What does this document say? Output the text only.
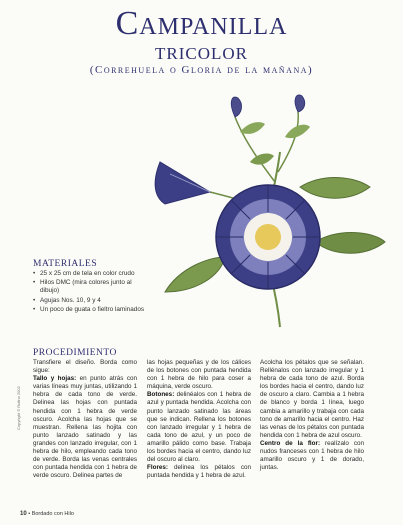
Campanilla
tricolor
(Correhuela o Gloria de la mañana)
MATERIALES
• 25 x 25 cm de tela en color crudo
• Hilos DMC (mira colores junto al dibujo)
• Agujas Nos. 10, 9 y 4
• Un poco de guata o fieltro laminados
PROCEDIMIENTO

Transfiere el diseño. Borda como sigue:

Tallo y hojas: en punto atrás con varias líneas muy juntas, utilizando 1 hebra de cada tono de verde. Delinea las hojas con puntada hendida con 1 hebra de verde oscuro. Acolcha las hojas que se muestran. Rellena las hojita con punto lanzado satinado y las grandes con lanzado irregular, con 1 hebra de hilo, empleando cada tono de verde. Borda las venas centrales con puntada hendida con 1 hebra de verde oscuro. Delinea partes de

las hojas pequeñas y de los cálices de los botones con puntada hendida con 1 hebra de hilo para coser a máquina, verde oscuro.

Botones: delinéalos con 1 hebra de azul y puntada hendida. Acolcha con punto lanzado satinado las áreas que se indican. Rellena los botones con lanzado irregular y 1 hebra de cada tono de azul, y un poco de amarillo pálido como base. Trabaja los bordes hacia el centro, dando luz del oscuro al claro.

Flores: delinea los pétalos con puntada hendida y 1 hebra de azul.

Acolcha los pétalos que se señalan. Rellénalos con lanzado irregular y 1 hebra de cada tono de azul. Borda los bordes hacia el centro, dando luz de oscuro a claro. Cambia a 1 hebra de blanco y borda 1 línea, luego cambia a amarillo y trabaja con cada tono de amarillo hacia el centro. Haz las venas de los pétalos con puntada hendida con 1 hebra de azul oscuro.

Centro de la flor: realízalo con nudos franceses con 1 hebra de hilo amarillo oscuro y 1 de dorado, juntas.

Copyright © Rufino 2002
10 • Bordado con Hilo
